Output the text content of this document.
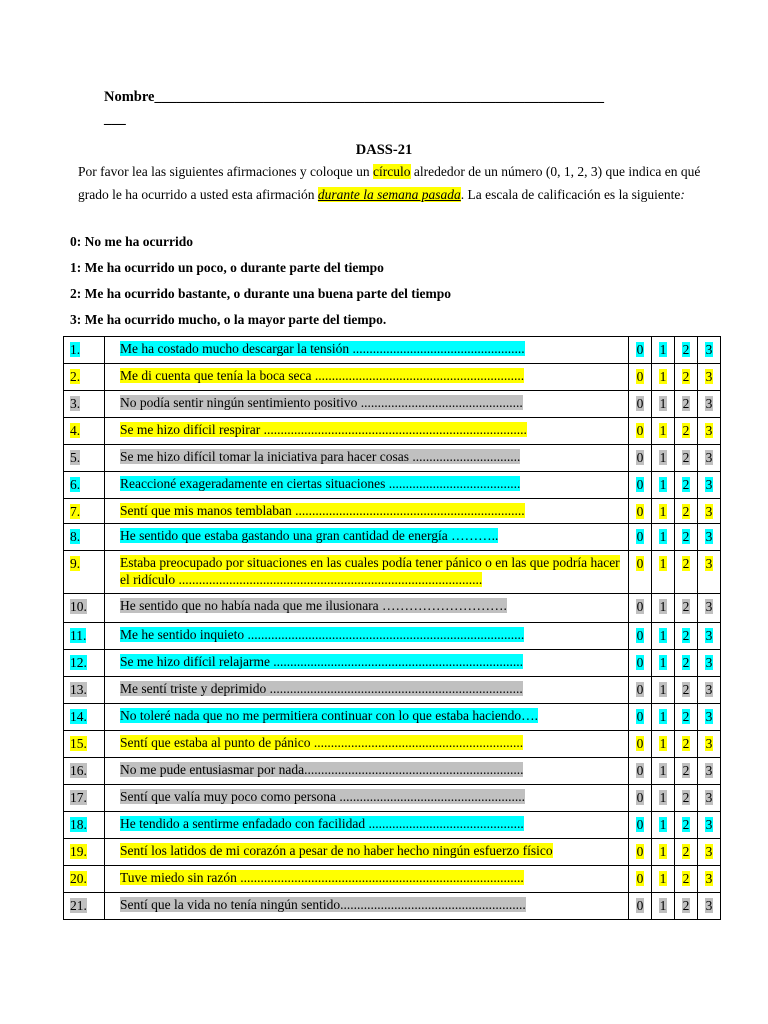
Nombre______________________________________________________________
___
DASS-21
Por favor lea las siguientes afirmaciones y coloque un círculo alrededor de un número (0, 1, 2, 3) que indica en qué grado le ha ocurrido a usted esta afirmación durante la semana pasada. La escala de calificación es la siguiente:
0: No me ha ocurrido
1: Me ha ocurrido un poco, o durante parte del tiempo
2: Me ha ocurrido bastante, o durante una buena parte del tiempo
3: Me ha ocurrido mucho, o la mayor parte del tiempo.
1.	Me ha costado mucho descargar la tensión ...................................................	0	1	2	3
2.	Me di cuenta que tenía la boca seca ..............................................................	0	1	2	3
3.	No podía sentir ningún sentimiento positivo ................................................	0	1	2	3
4.	Se me hizo difícil respirar ..............................................................................	0	1	2	3
5.	Se me hizo difícil tomar la iniciativa para hacer cosas ................................	0	1	2	3
6.	Reaccioné exageradamente en ciertas situaciones .......................................	0	1	2	3
7.	Sentí que mis manos temblaban ....................................................................	0	1	2	3
8.	He sentido que estaba gastando una gran cantidad de energía ………..	0	1	2	3
9.	Estaba preocupado por situaciones en las cuales podía tener pánico o en las que podría hacer el ridículo ..........................................................................................	0	1	2	3
10.	He sentido que no había nada que me ilusionara ……………………….	0	1	2	3
11.	Me he sentido inquieto ..................................................................................	0	1	2	3
12.	Se me hizo difícil relajarme ..........................................................................	0	1	2	3
13.	Me sentí triste y deprimido ...........................................................................	0	1	2	3
14.	No toleré nada que no me permitiera continuar con lo que estaba haciendo….	0	1	2	3
15.	Sentí que estaba al punto de pánico ..............................................................	0	1	2	3
16.	No me pude entusiasmar por nada.................................................................	0	1	2	3
17.	Sentí que valía muy poco como persona .......................................................	0	1	2	3
18.	He tendido a sentirme enfadado con facilidad ..............................................	0	1	2	3
19.	Sentí los latidos de mi corazón a pesar de no haber hecho ningún esfuerzo físico	0	1	2	3
20.	Tuve miedo sin razón ....................................................................................	0	1	2	3
21.	Sentí que la vida no tenía ningún sentido.......................................................	0	1	2	3
